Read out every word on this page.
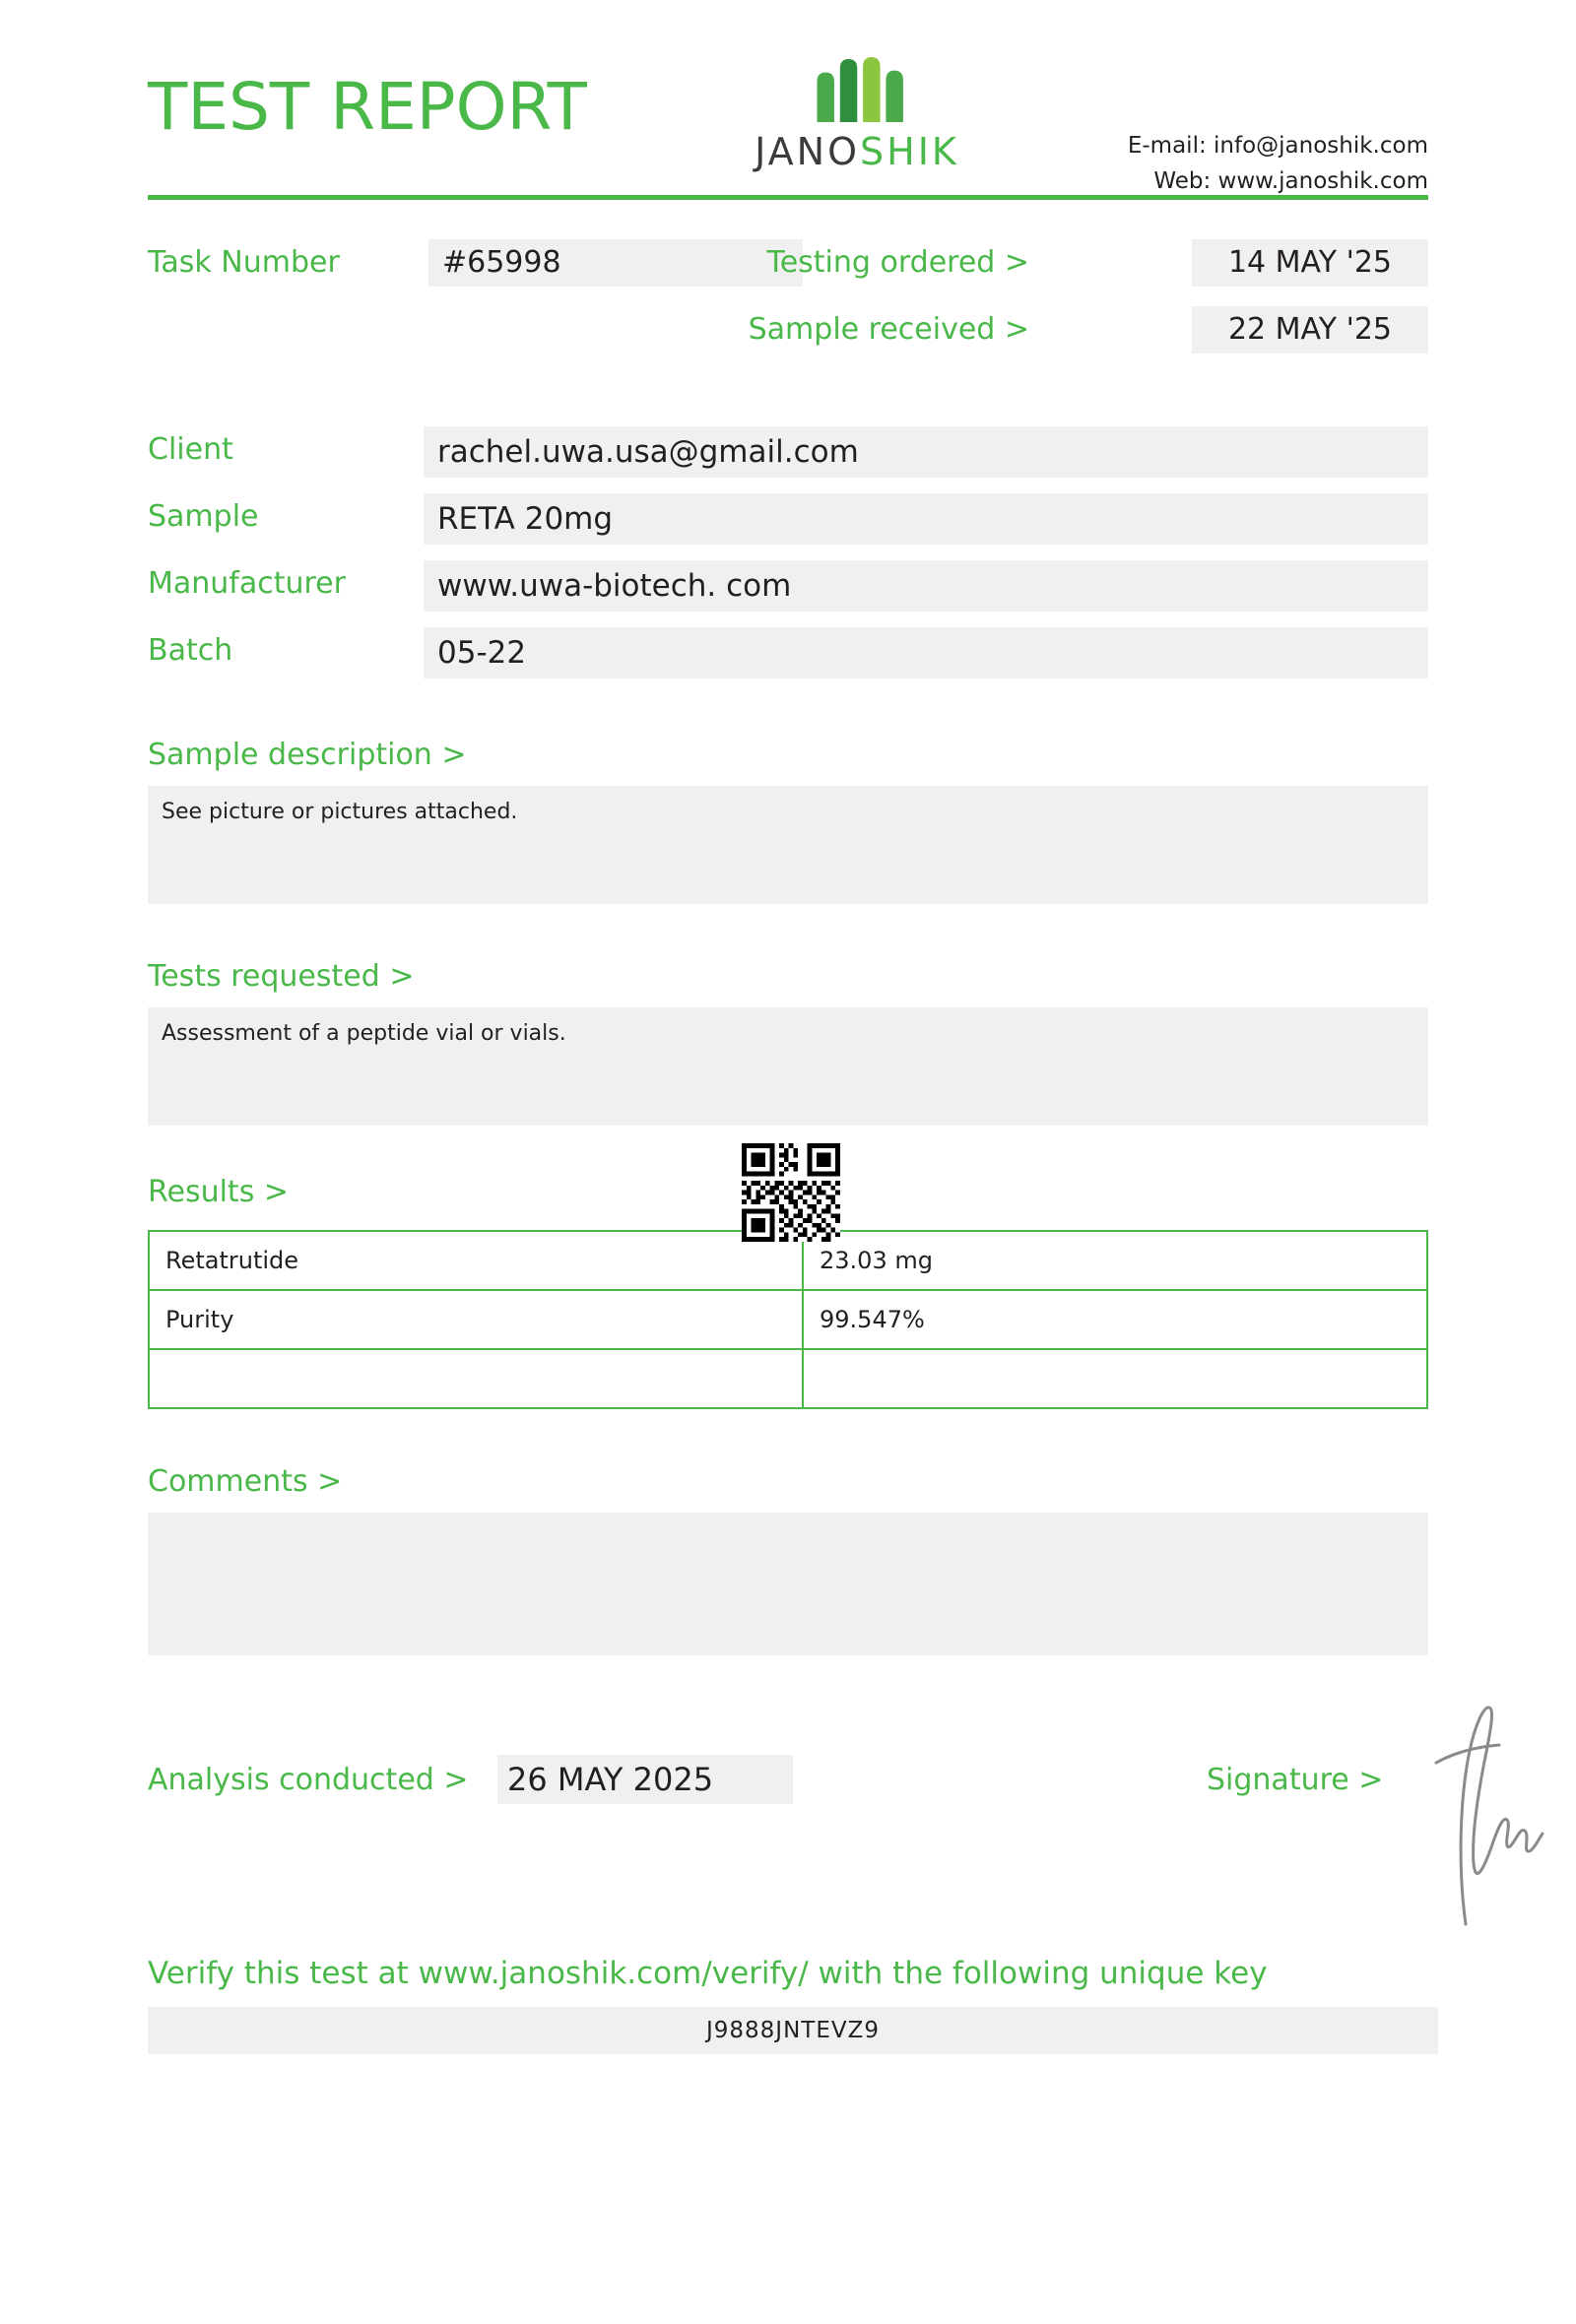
TEST REPORT
JANOSHIK	E-mail: info@janoshik.com
Web: www.janoshik.com
Task Number	#65998	Testing ordered >	14 MAY '25
Sample received >	22 MAY '25
Client	rachel.uwa.usa@gmail.com
Sample	RETA 20mg
Manufacturer	www.uwa-biotech. com
Batch	05-22
Sample description >
See picture or pictures attached.
Tests requested >
Assessment of a peptide vial or vials.
Results >
Retatrutide	23.03 mg
Purity	99.547%

Comments >
Analysis conducted >	26 MAY 2025	Signature >
Verify this test at www.janoshik.com/verify/ with the following unique key
J9888JNTEVZ9
